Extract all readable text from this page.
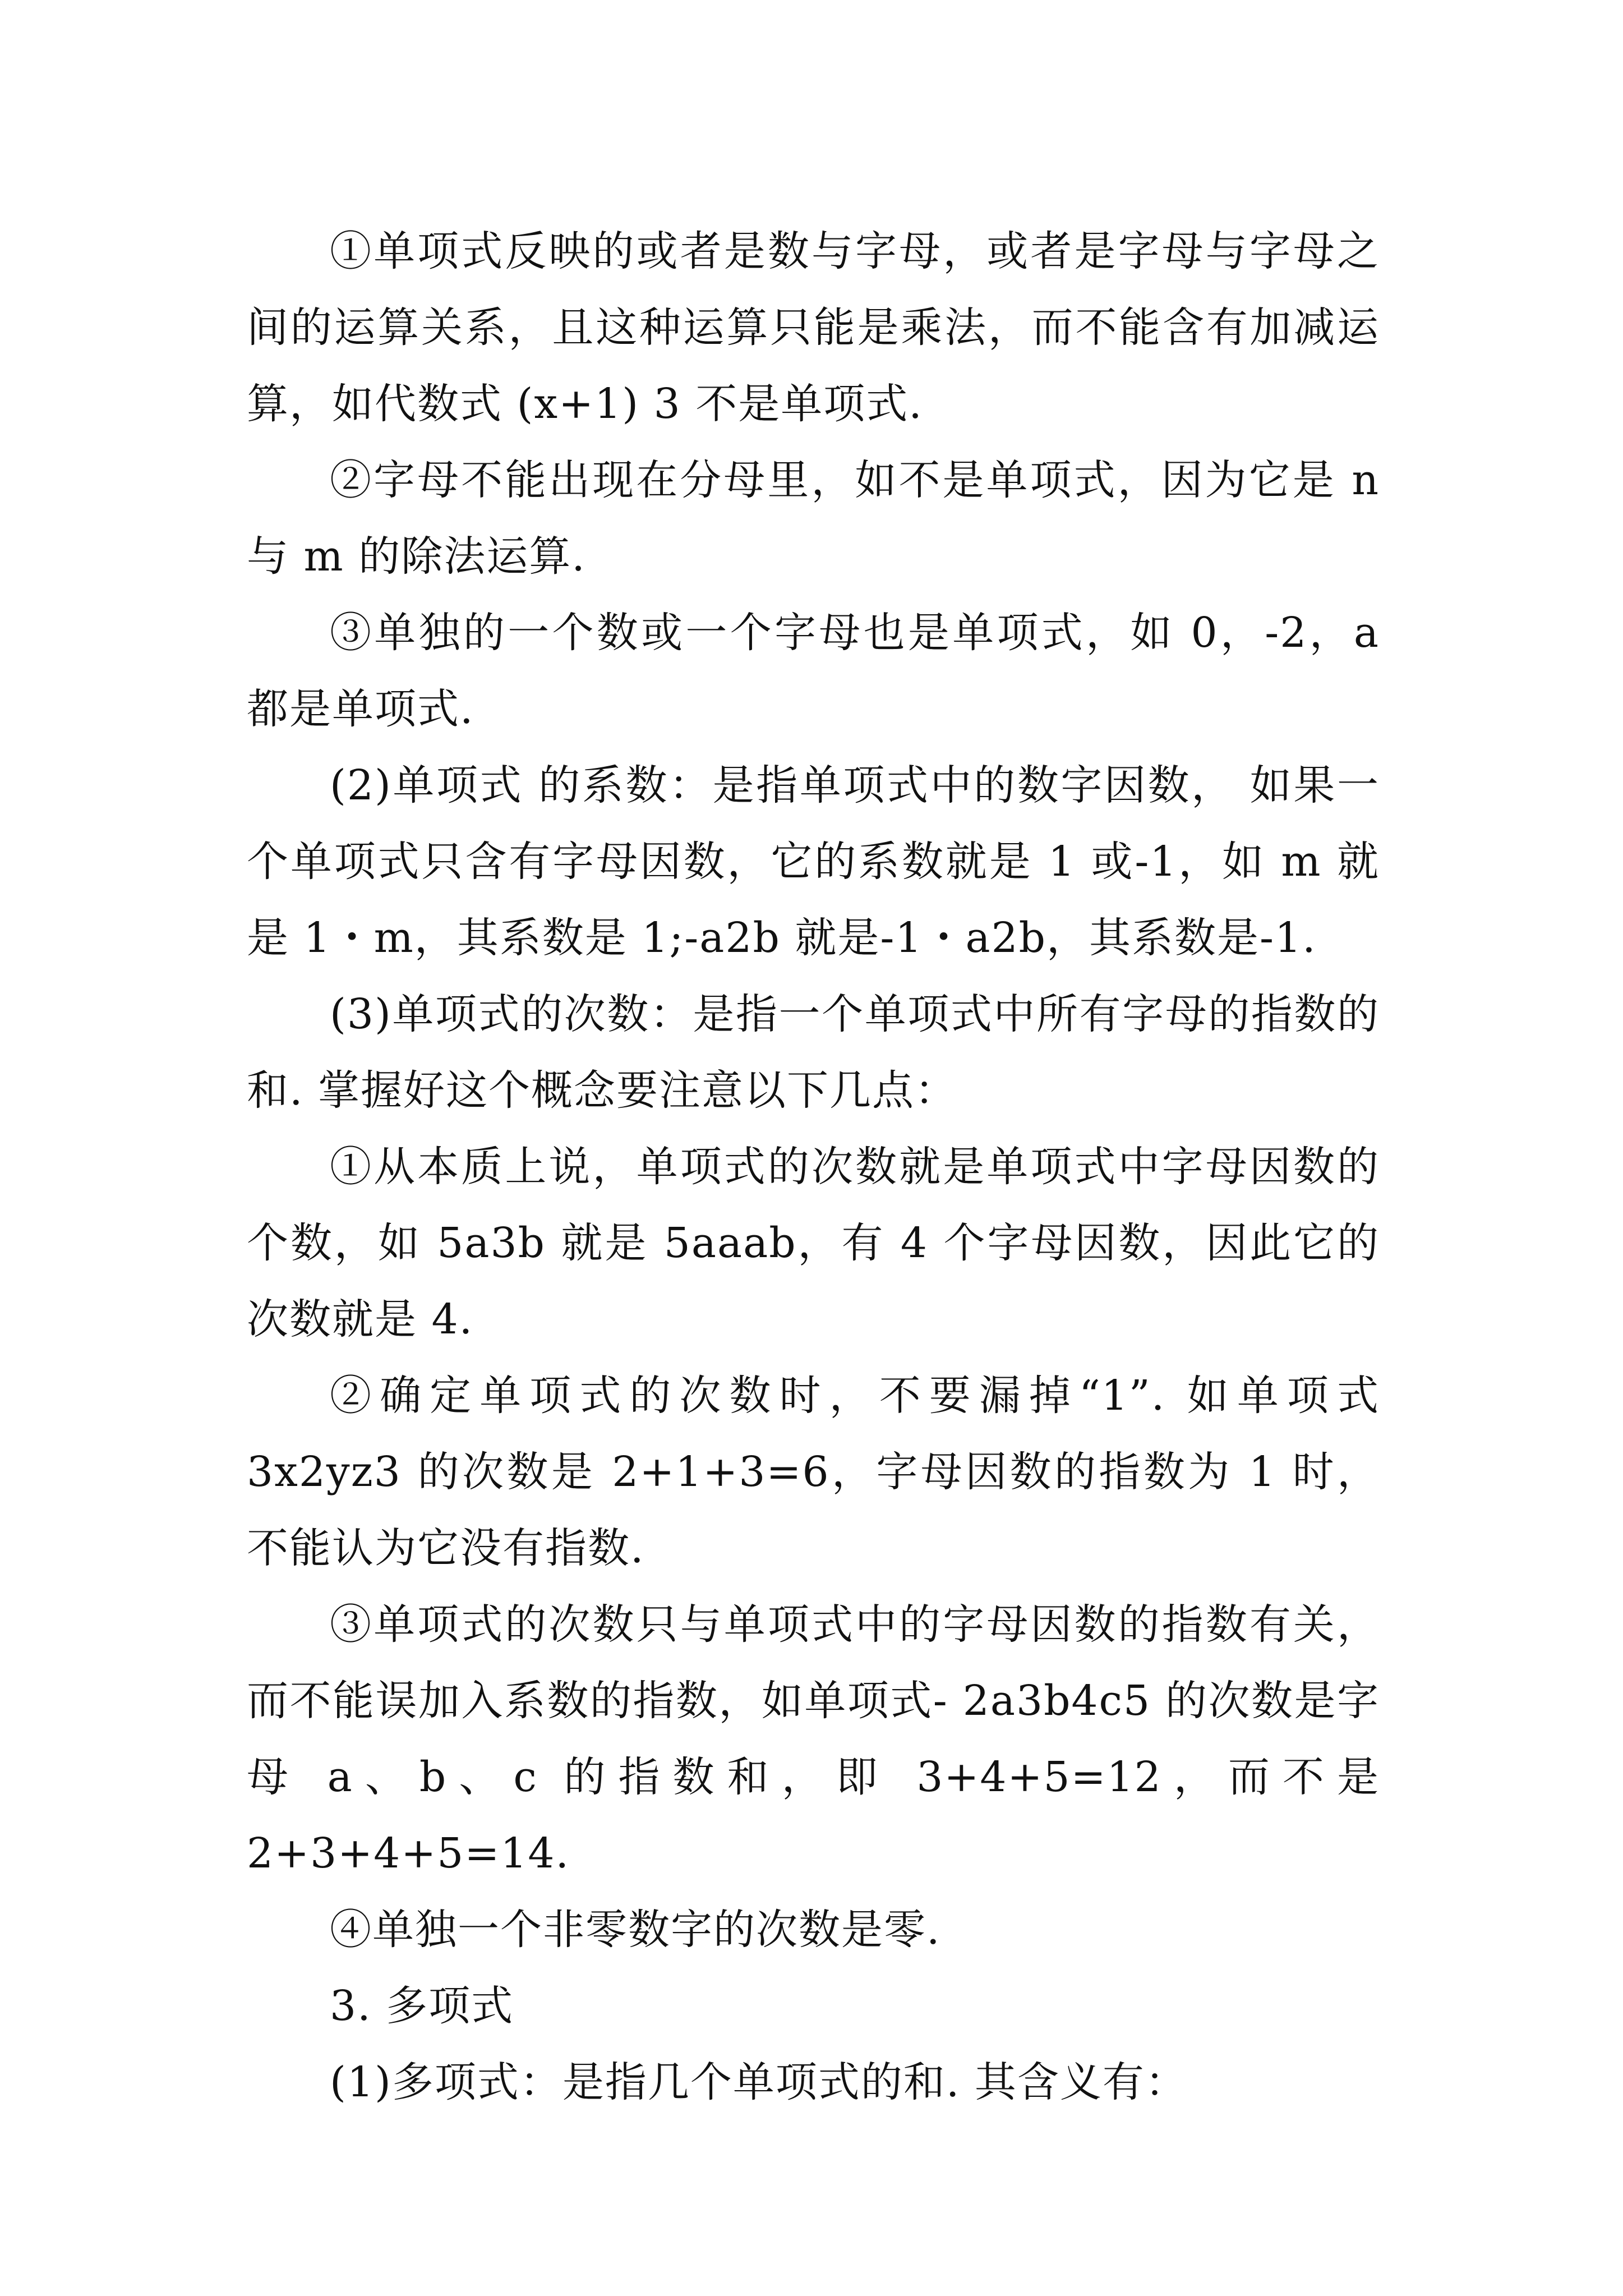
①单项式反映的或者是数与字母，或者是字母与字母之间的运算关系，且这种运算只能是乘法，而不能含有加减运算，如代数式 (x+1) 3 不是单项式.

②字母不能出现在分母里，如不是单项式，因为它是 n 与 m 的除法运算.

③单独的一个数或一个字母也是单项式，如 0，-2，a 都是单项式.

(2)单项式 的系数：是指单项式中的数字因数， 如果一个单项式只含有字母因数，它的系数就是 1 或-1，如 m 就是 1・m，其系数是 1;-a2b 就是-1・a2b，其系数是-1.

(3)单项式的次数：是指一个单项式中所有字母的指数的和. 掌握好这个概念要注意以下几点：

①从本质上说，单项式的次数就是单项式中字母因数的个数，如 5a3b 就是 5aaab，有 4 个字母因数，因此它的次数就是 4.

②确定单项式的次数时，不要漏掉“1”. 如单项式 3x2yz3 的次数是 2+1+3=6，字母因数的指数为 1 时，不能认为它没有指数.

③单项式的次数只与单项式中的字母因数的指数有关，而不能误加入系数的指数，如单项式- 2a3b4c5 的次数是字母 a、b、c 的指数和，即 3+4+5=12，而不是 2+3+4+5=14.

④单独一个非零数字的次数是零.

3. 多项式

(1)多项式：是指几个单项式的和. 其含义有：
